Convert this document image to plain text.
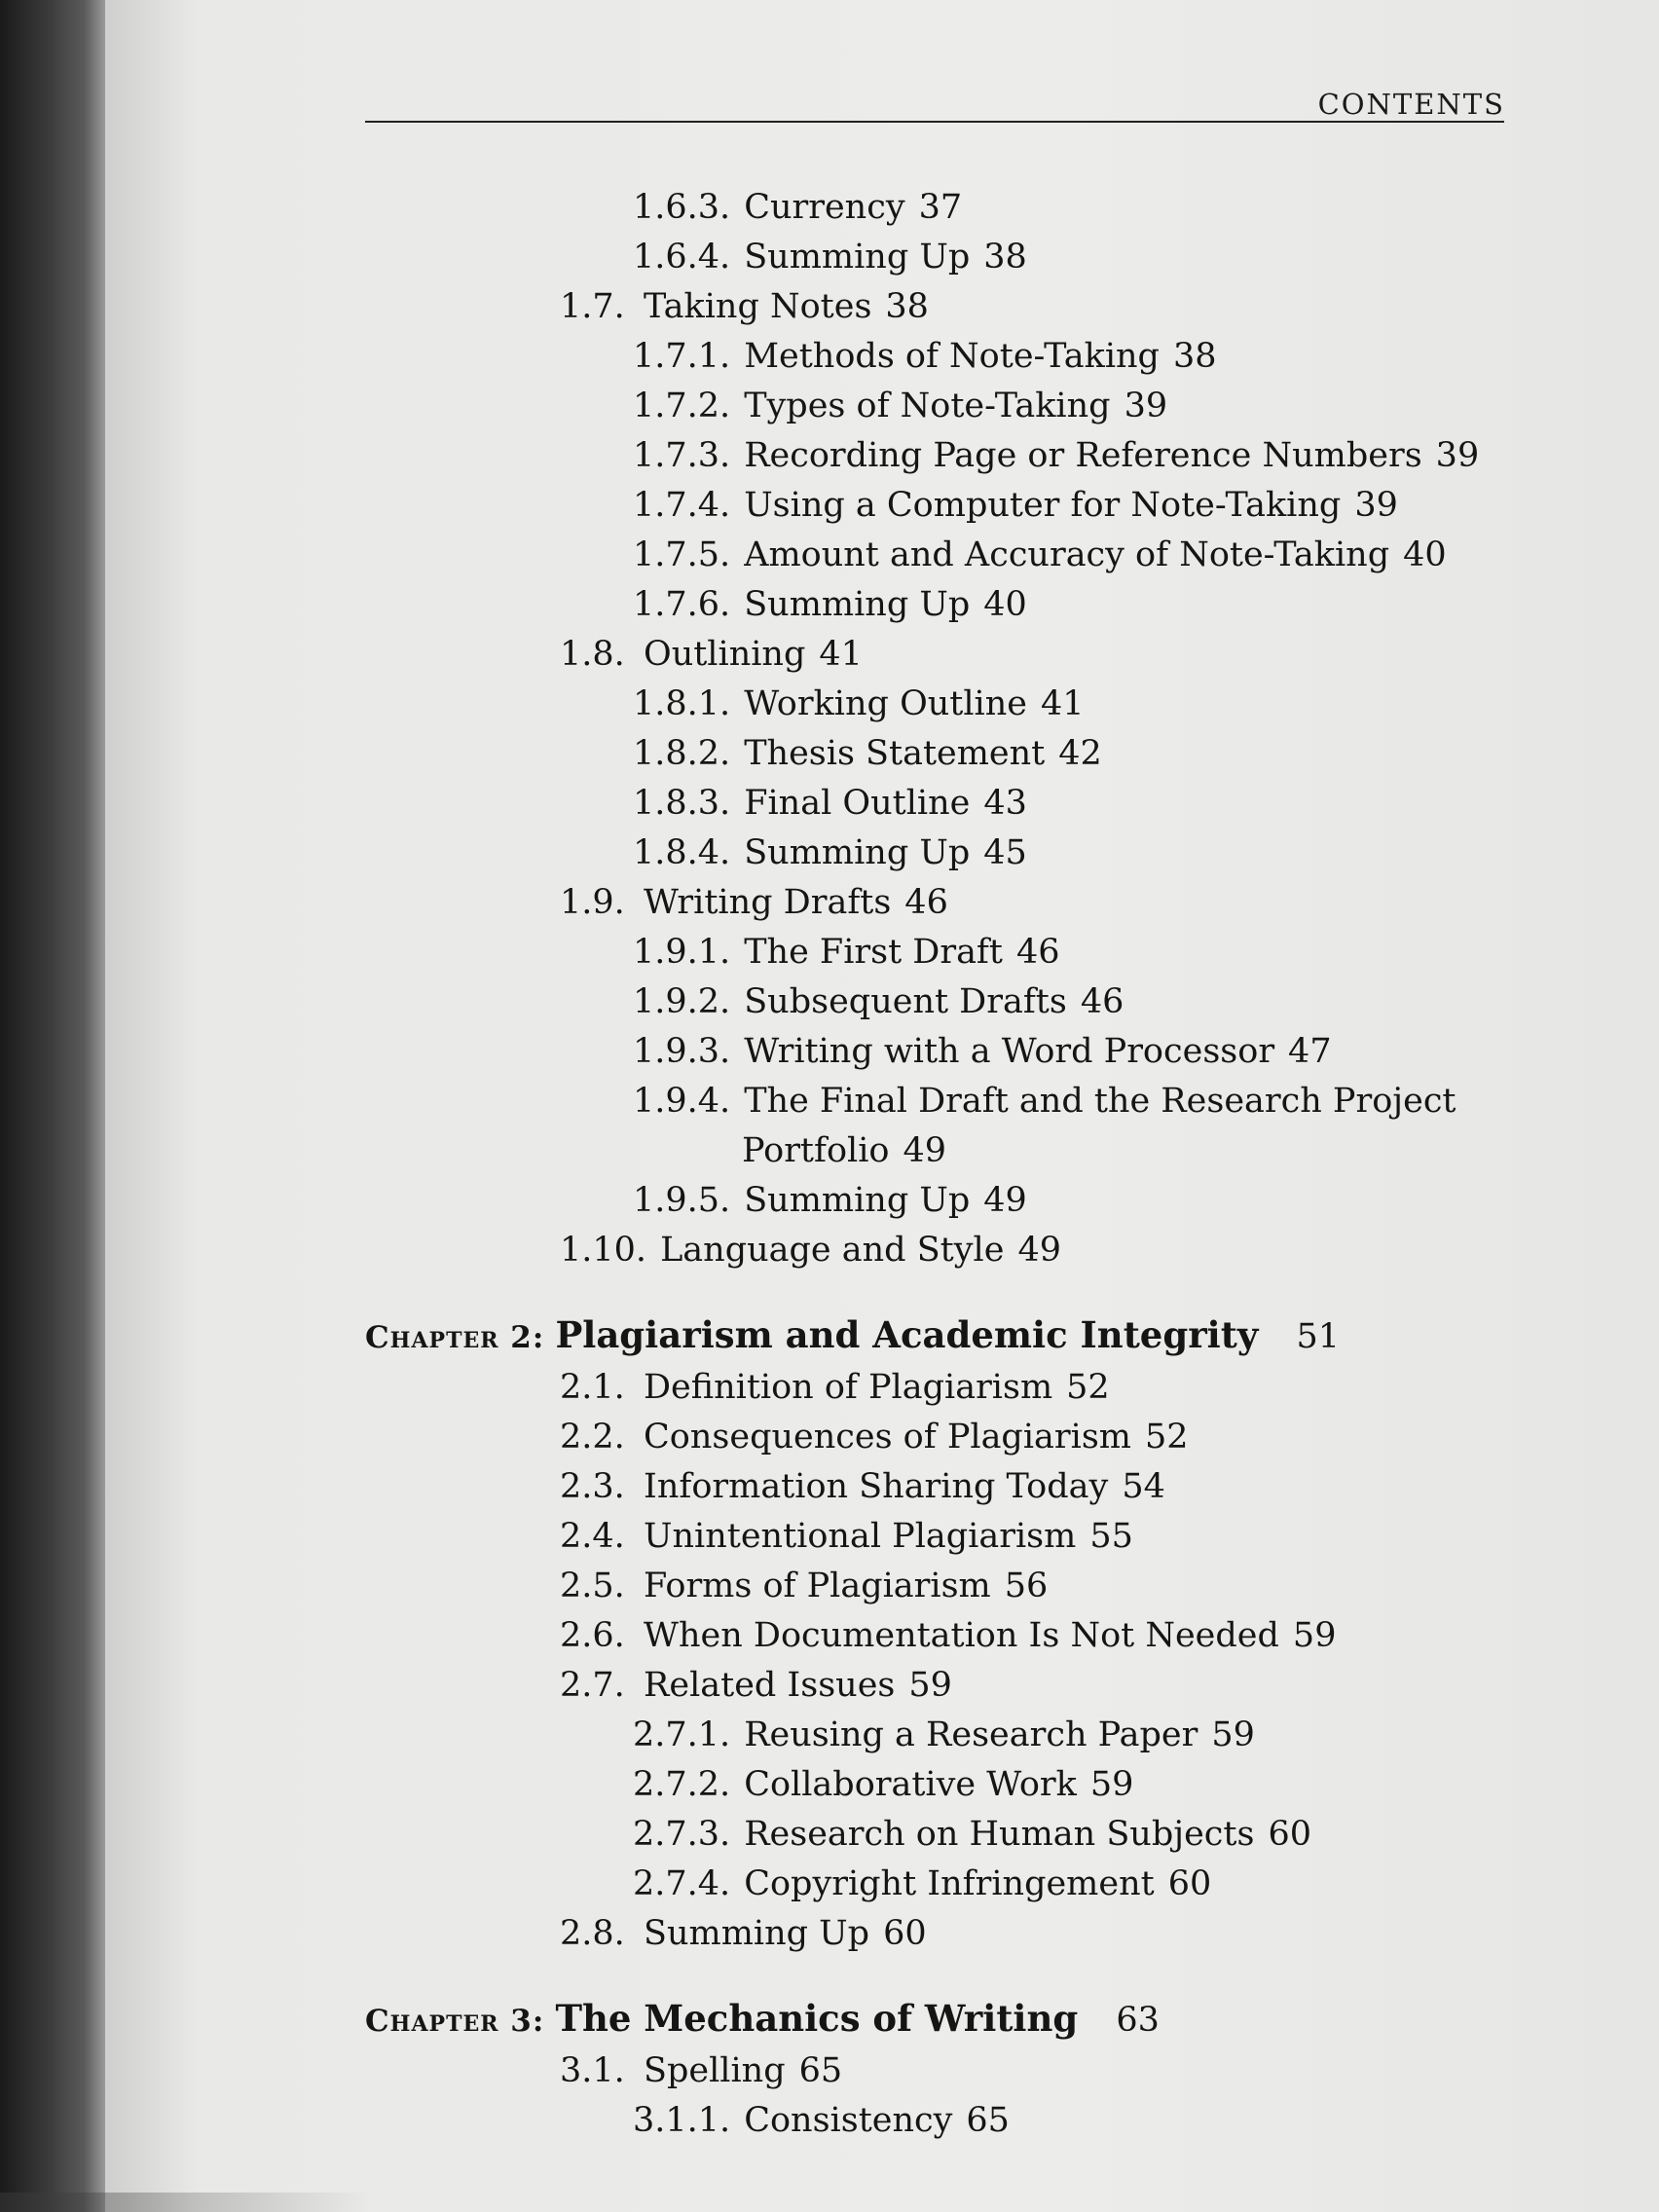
CONTENTS
1.6.3. Currency 37
1.6.4. Summing Up 38
1.7. Taking Notes 38
1.7.1. Methods of Note-Taking 38
1.7.2. Types of Note-Taking 39
1.7.3. Recording Page or Reference Numbers 39
1.7.4. Using a Computer for Note-Taking 39
1.7.5. Amount and Accuracy of Note-Taking 40
1.7.6. Summing Up 40
1.8. Outlining 41
1.8.1. Working Outline 41
1.8.2. Thesis Statement 42
1.8.3. Final Outline 43
1.8.4. Summing Up 45
1.9. Writing Drafts 46
1.9.1. The First Draft 46
1.9.2. Subsequent Drafts 46
1.9.3. Writing with a Word Processor 47
1.9.4. The Final Draft and the Research Project
Portfolio 49
1.9.5. Summing Up 49
1.10. Language and Style 49
Chapter 2: Plagiarism and Academic Integrity 51
2.1. Definition of Plagiarism 52
2.2. Consequences of Plagiarism 52
2.3. Information Sharing Today 54
2.4. Unintentional Plagiarism 55
2.5. Forms of Plagiarism 56
2.6. When Documentation Is Not Needed 59
2.7. Related Issues 59
2.7.1. Reusing a Research Paper 59
2.7.2. Collaborative Work 59
2.7.3. Research on Human Subjects 60
2.7.4. Copyright Infringement 60
2.8. Summing Up 60
Chapter 3: The Mechanics of Writing 63
3.1. Spelling 65
3.1.1. Consistency 65
